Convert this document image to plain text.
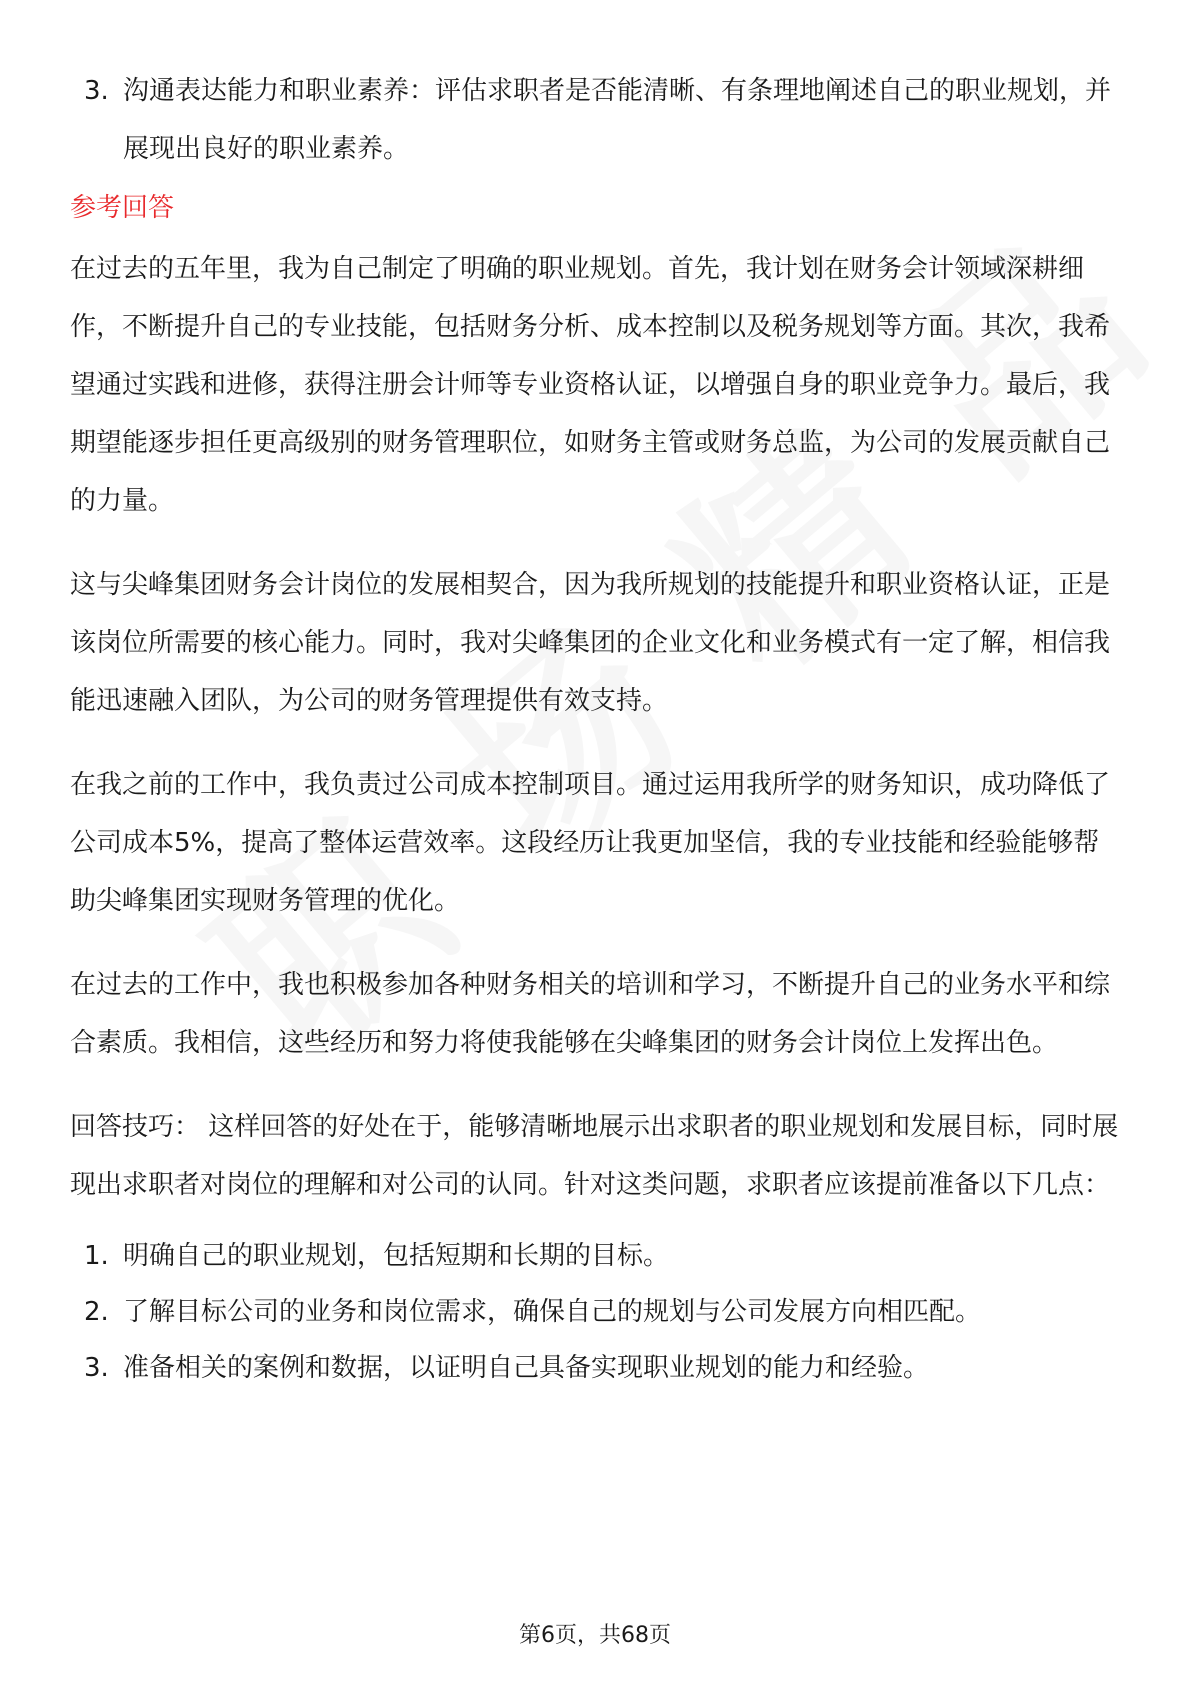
3. 沟通表达能力和职业素养：评估求职者是否能清晰、有条理地阐述自己的职业规划，并展现出良好的职业素养。
参考回答

在过去的五年里，我为自己制定了明确的职业规划。首先，我计划在财务会计领域深耕细作，不断提升自己的专业技能，包括财务分析、成本控制以及税务规划等方面。其次，我希望通过实践和进修，获得注册会计师等专业资格认证，以增强自身的职业竞争力。最后，我期望能逐步担任更高级别的财务管理职位，如财务主管或财务总监，为公司的发展贡献自己的力量。

这与尖峰集团财务会计岗位的发展相契合，因为我所规划的技能提升和职业资格认证，正是该岗位所需要的核心能力。同时，我对尖峰集团的企业文化和业务模式有一定了解，相信我能迅速融入团队，为公司的财务管理提供有效支持。

在我之前的工作中，我负责过公司成本控制项目。通过运用我所学的财务知识，成功降低了公司成本5%，提高了整体运营效率。这段经历让我更加坚信，我的专业技能和经验能够帮助尖峰集团实现财务管理的优化。

在过去的工作中，我也积极参加各种财务相关的培训和学习，不断提升自己的业务水平和综合素质。我相信，这些经历和努力将使我能够在尖峰集团的财务会计岗位上发挥出色。

回答技巧： 这样回答的好处在于，能够清晰地展示出求职者的职业规划和发展目标，同时展现出求职者对岗位的理解和对公司的认同。针对这类问题，求职者应该提前准备以下几点：

1. 明确自己的职业规划，包括短期和长期的目标。
2. 了解目标公司的业务和岗位需求，确保自己的规划与公司发展方向相匹配。
3. 准备相关的案例和数据，以证明自己具备实现职业规划的能力和经验。
第6页，共68页
